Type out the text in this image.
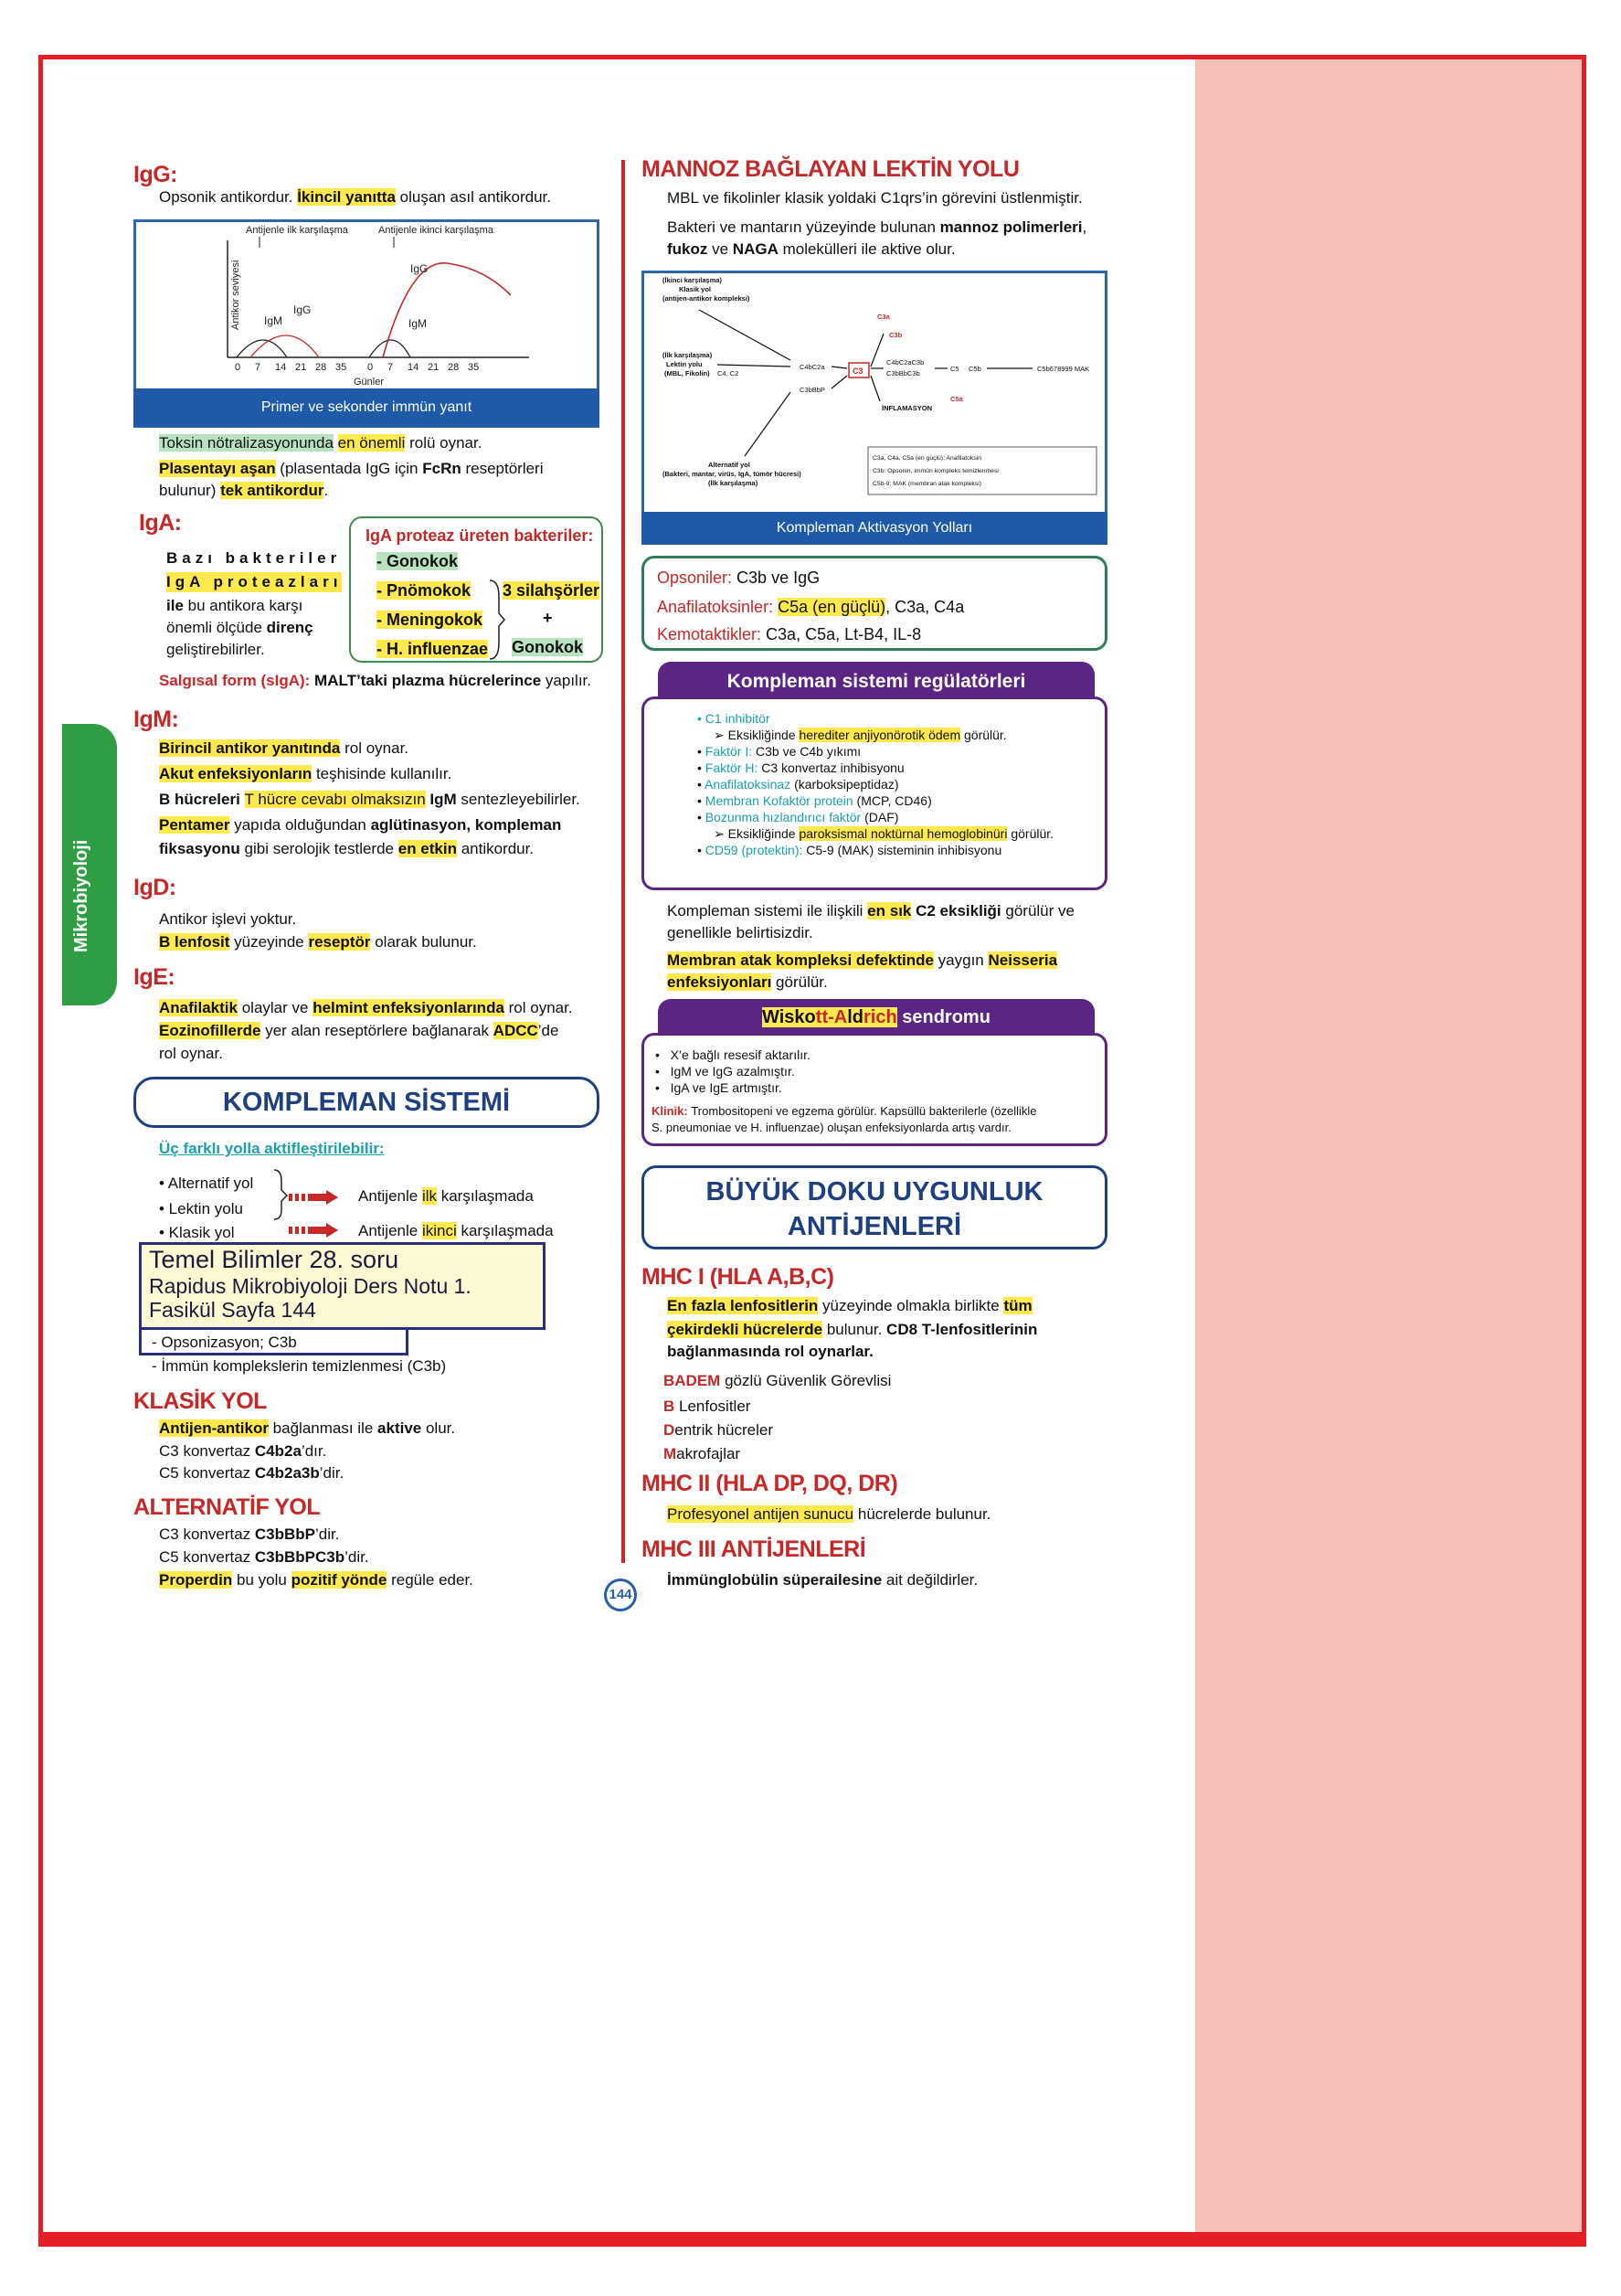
Mikrobiyoloji
144
IgG:
Opsonik antikordur. İkincil yanıtta oluşan asıl antikordur.
Antijenle ilk karşılaşma	Antijenle ikinci karşılaşma
Antikor seviyesi IgM
IgG
IgM
IgG
0 7 14 21 28 35 0 7 14 21 28 35
Günler
Primer ve sekonder immün yanıt
Toksin nötralizasyonunda en önemli rolü oynar.
Plasentayı aşan (plasentada IgG için FcRn reseptörleri
bulunur) tek antikordur.
IgA:
Bazı bakteriler
IgA proteazları
ile bu antikora karşı
önemli ölçüde direnç
geliştirebilirler.
IgA proteaz üreten bakteriler:
- Gonokok
- Pnömokok
- Meningokok
- H. influenzae
3 silahşörler
+
Gonokok
Salgısal form (sIgA): MALT’taki plazma hücrelerince yapılır.
IgM:
Birincil antikor yanıtında rol oynar.
Akut enfeksiyonların teşhisinde kullanılır.
B hücreleri T hücre cevabı olmaksızın IgM sentezleyebilirler.
Pentamer yapıda olduğundan aglütinasyon, kompleman
fiksasyonu gibi serolojik testlerde en etkin antikordur.
IgD:
Antikor işlevi yoktur.
B lenfosit yüzeyinde reseptör olarak bulunur.
IgE:
Anafilaktik olaylar ve helmint enfeksiyonlarında rol oynar.
Eozinofillerde yer alan reseptörlere bağlanarak ADCC’de
rol oynar.
KOMPLEMAN SİSTEMİ
Üç farklı yolla aktifleştirilebilir:
• Alternatif yol
• Lektin yolu
• Klasik yol
Antijenle ilk karşılaşmada
Antijenle ikinci karşılaşmada
Temel Bilimler 28. soru
Rapidus Mikrobiyoloji Ders Notu 1.
Fasikül Sayfa 144
- Opsonizasyon; C3b
- İmmün komplekslerin temizlenmesi (C3b)
KLASİK YOL
Antijen-antikor bağlanması ile aktive olur.
C3 konvertaz C4b2a’dır.
C5 konvertaz C4b2a3b’dir.
ALTERNATİF YOL
C3 konvertaz C3bBbP’dir.
C5 konvertaz C3bBbPC3b’dir.
Properdin bu yolu pozitif yönde regüle eder.
MANNOZ BAĞLAYAN LEKTİN YOLU
MBL ve fikolinler klasik yoldaki C1qrs’in görevini üstlenmiştir.
Bakteri ve mantarın yüzeyinde bulunan mannoz polimerleri,
fukoz ve NAGA molekülleri ile aktive olur.
(İkinci karşılaşma)
Klasik yol
(antijen-antikor kompleksi)
(İlk karşılaşma)
Lektin yolu
(MBL, Fikolin)
Alternatif yol
(Bakteri, mantar, virüs, IgA, tümör hücresi)
(İlk karşılaşma)
C4, C2
C4bC2a
C3bBbP
C4bC2aC3b
C3bBbC3b
C5 C5b	C5b678999 MAK
İNFLAMASYON
C3a
C3b
C5a
C3
C3a, C4a, C5a (en güçlü): Anafilatoksin
C3b: Opsonin, immün kompleks temizlenmesi
C5b-9: MAK (membran atak kompleksi)
Kompleman Aktivasyon Yolları
Opsoniler: C3b ve IgG
Anafilatoksinler: C5a (en güçlü), C3a, C4a
Kemotaktikler: C3a, C5a, Lt-B4, IL-8
Kompleman sistemi regülatörleri
• C1 inhibitör
➢ Eksikliğinde herediter anjiyonörotik ödem görülür.
• Faktör I: C3b ve C4b yıkımı
• Faktör H: C3 konvertaz inhibisyonu
• Anafilatoksinaz (karboksipeptidaz)
• Membran Kofaktör protein (MCP, CD46)
• Bozunma hızlandırıcı faktör (DAF)
➢ Eksikliğinde paroksismal noktürnal hemoglobinüri görülür.
• CD59 (protektin): C5-9 (MAK) sisteminin inhibisyonu
Kompleman sistemi ile ilişkili en sık C2 eksikliği görülür ve
genellikle belirtisizdir.
Membran atak kompleksi defektinde yaygın Neisseria
enfeksiyonları görülür.
Wiskott-Aldrich sendromu
•   X’e bağlı resesif aktarılır.
•   IgM ve IgG azalmıştır.
•   IgA ve IgE artmıştır.
Klinik: Trombositopeni ve egzema görülür. Kapsüllü bakterilerle (özellikle
S. pneumoniae ve H. influenzae) oluşan enfeksiyonlarda artış vardır.
BÜYÜK DOKU UYGUNLUK
ANTİJENLERİ
MHC I (HLA A,B,C)
En fazla lenfositlerin yüzeyinde olmakla birlikte tüm
çekirdekli hücrelerde bulunur. CD8 T-lenfositlerinin
bağlanmasında rol oynarlar.
BADEM gözlü Güvenlik Görevlisi
B Lenfositler
Dentrik hücreler
Makrofajlar
MHC II (HLA DP, DQ, DR)
Profesyonel antijen sunucu hücrelerde bulunur.
MHC III ANTİJENLERİ
İmmünglobülin süperailesine ait değildirler.
